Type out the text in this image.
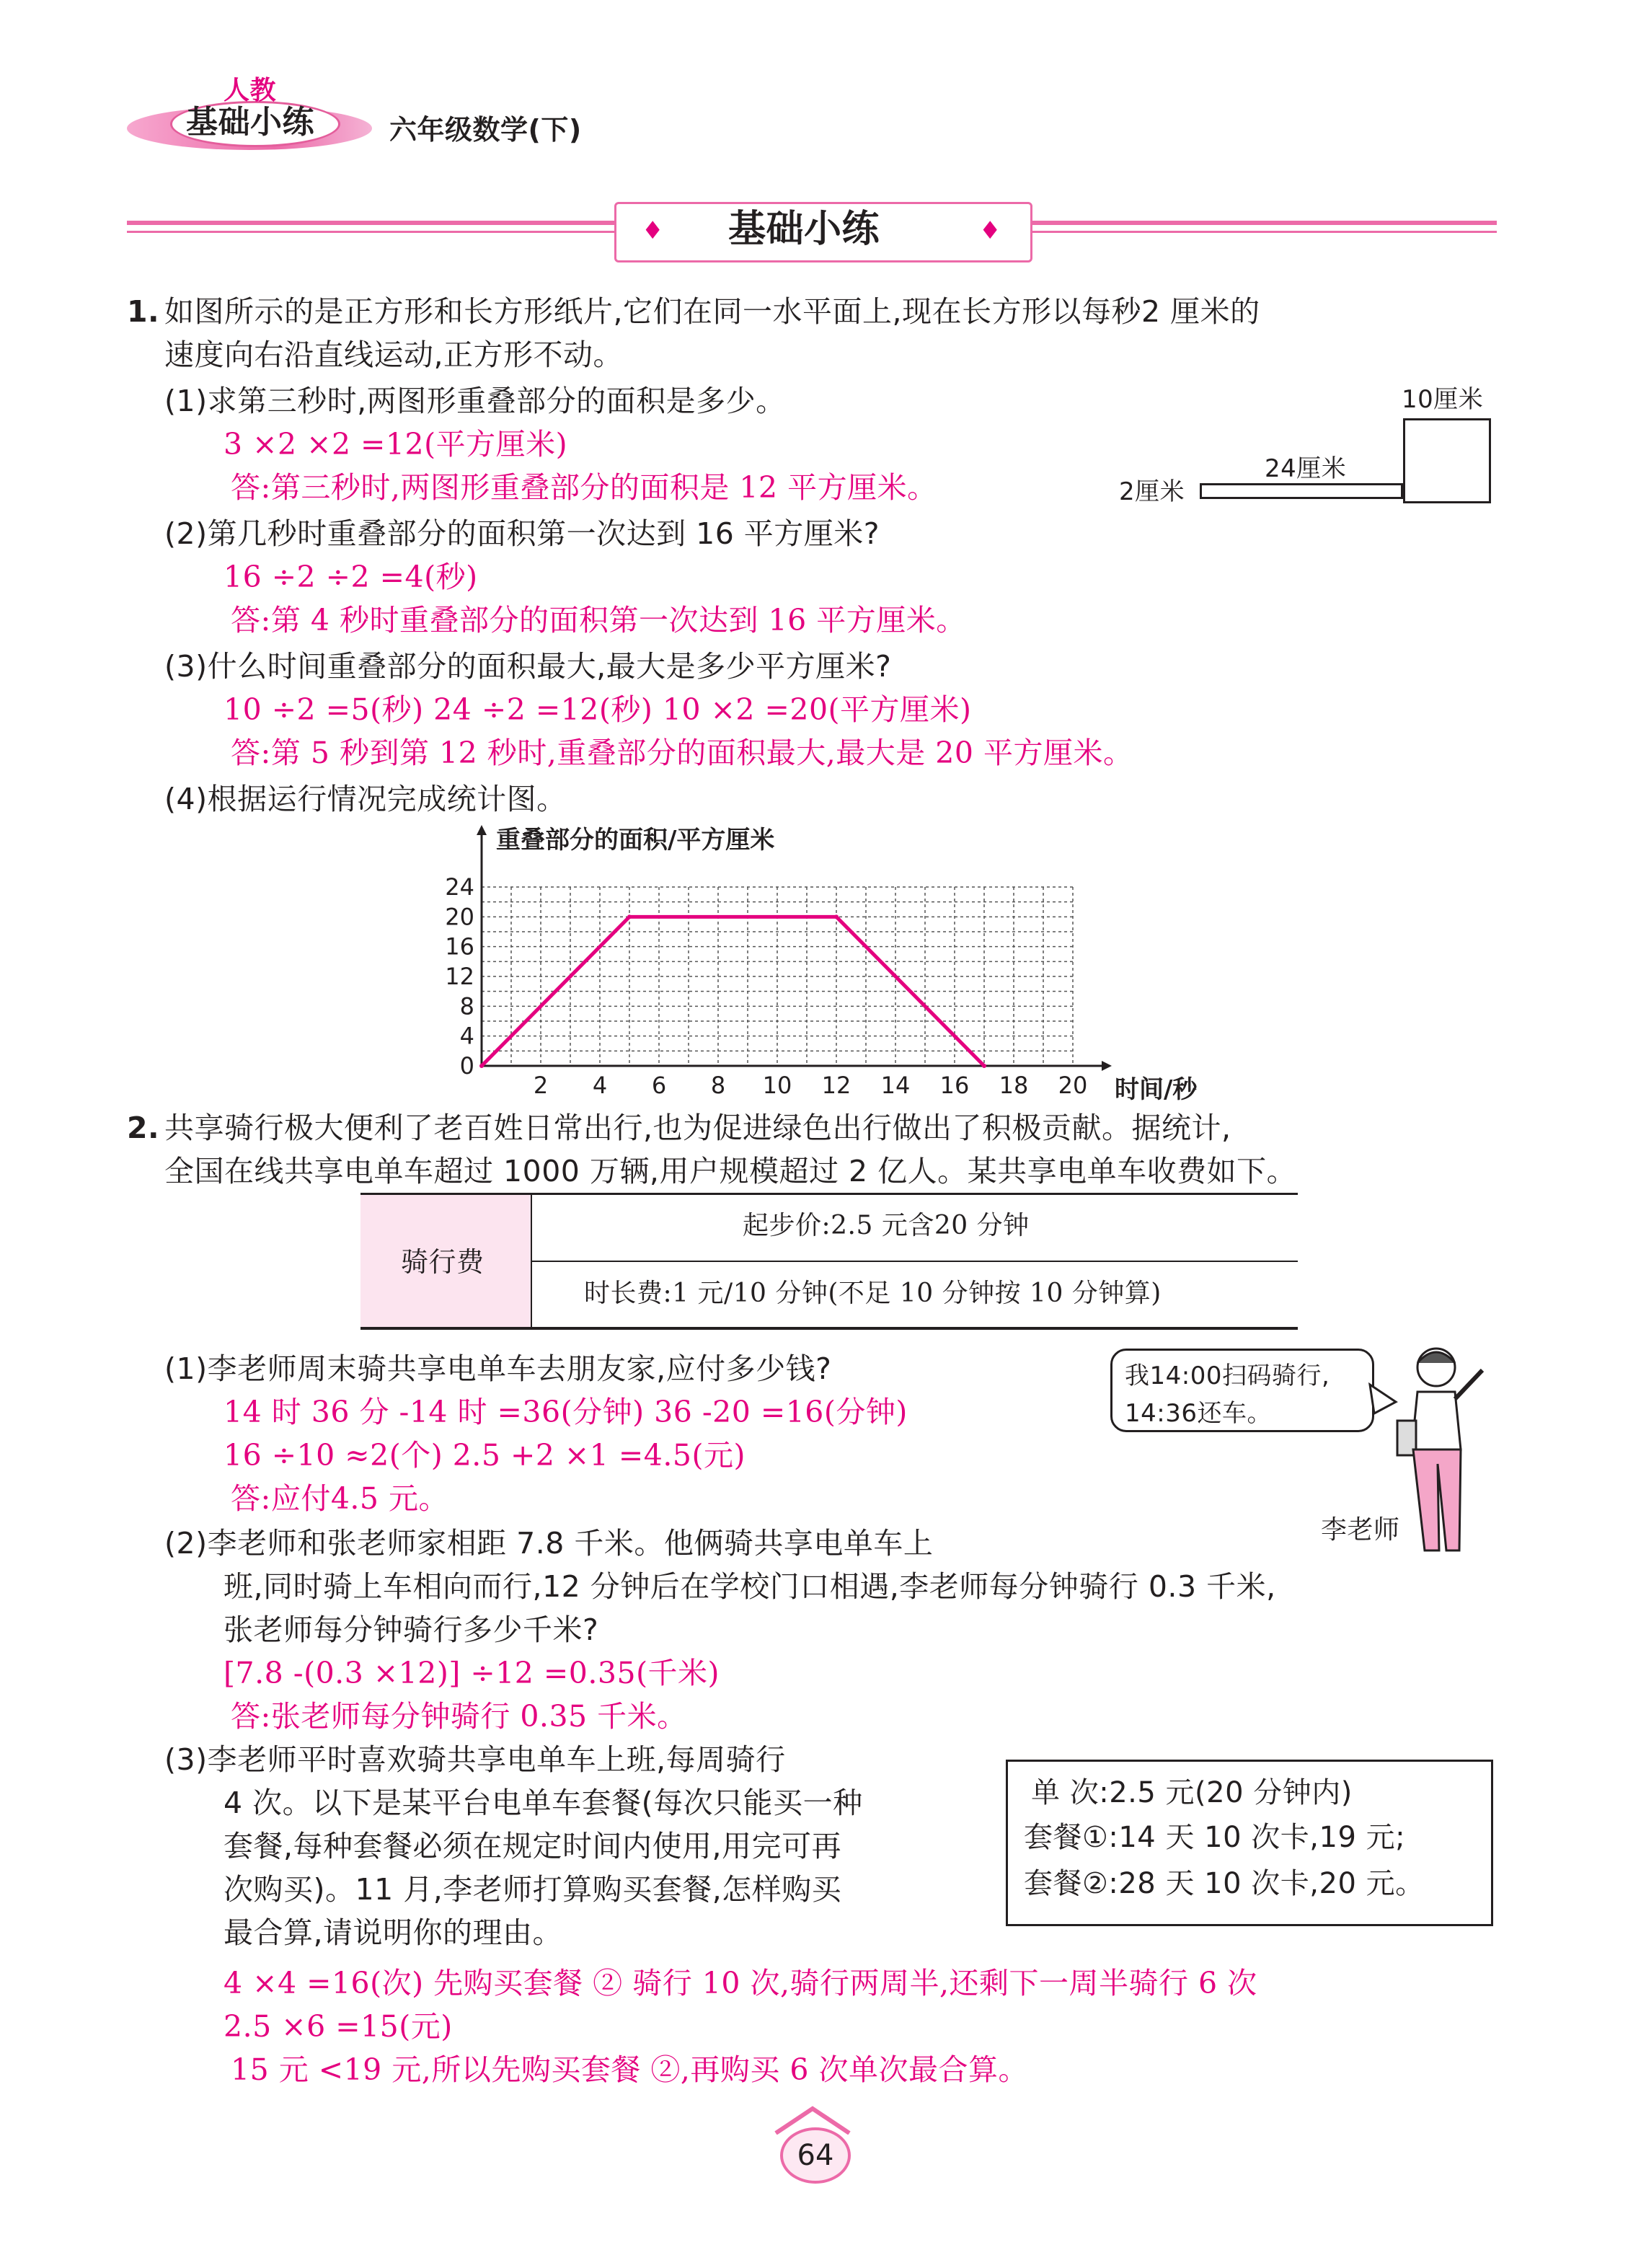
人教
基础小练	六年级数学(下)
♦ 基础小练	♦
1. 如图所示的是正方形和长方形纸片,它们在同一水平面上,现在长方形以每秒2 厘米的
速度向右沿直线运动,正方形不动。
(1)求第三秒时,两图形重叠部分的面积是多少。
3 ×2 ×2 =12(平方厘米)
答:第三秒时,两图形重叠部分的面积是 12 平方厘米。
10厘米
24厘米
2厘米
(2)第几秒时重叠部分的面积第一次达到 16 平方厘米?
16 ÷2 ÷2 =4(秒)
答:第 4 秒时重叠部分的面积第一次达到 16 平方厘米。
(3)什么时间重叠部分的面积最大,最大是多少平方厘米?
10 ÷2 =5(秒) 24 ÷2 =12(秒) 10 ×2 =20(平方厘米)
答:第 5 秒到第 12 秒时,重叠部分的面积最大,最大是 20 平方厘米。
(4)根据运行情况完成统计图。
2 4 6 8 10 12 14 16 18 20
0
4
8
12
16
20
24
重叠部分的面积/平方厘米
时间/秒
2. 共享骑行极大便利了老百姓日常出行,也为促进绿色出行做出了积极贡献。据统计,
全国在线共享电单车超过 1000 万辆,用户规模超过 2 亿人。某共享电单车收费如下。
骑行费
起步价:2.5 元含20 分钟
时长费:1 元/10 分钟(不足 10 分钟按 10 分钟算)
我14:00扫码骑行,
14:36还车。
李老师
(1)李老师周末骑共享电单车去朋友家,应付多少钱?
14 时 36 分 -14 时 =36(分钟) 36 -20 =16(分钟)
16 ÷10 ≈2(个) 2.5 +2 ×1 =4.5(元)
答:应付4.5 元。
(2)李老师和张老师家相距 7.8 千米。他俩骑共享电单车上
班,同时骑上车相向而行,12 分钟后在学校门口相遇,李老师每分钟骑行 0.3 千米,
张老师每分钟骑行多少千米?
[7.8 -(0.3 ×12)] ÷12 =0.35(千米)
答:张老师每分钟骑行 0.35 千米。
(3)李老师平时喜欢骑共享电单车上班,每周骑行
4 次。以下是某平台电单车套餐(每次只能买一种
套餐,每种套餐必须在规定时间内使用,用完可再
次购买)。11 月,李老师打算购买套餐,怎样购买
最合算,请说明你的理由。
单 次:2.5 元(20 分钟内)
套餐①:14 天 10 次卡,19 元;
套餐②:28 天 10 次卡,20 元。
4 ×4 =16(次) 先购买套餐 ② 骑行 10 次,骑行两周半,还剩下一周半骑行 6 次
2.5 ×6 =15(元)
15 元 <19 元,所以先购买套餐 ②,再购买 6 次单次最合算。
64
